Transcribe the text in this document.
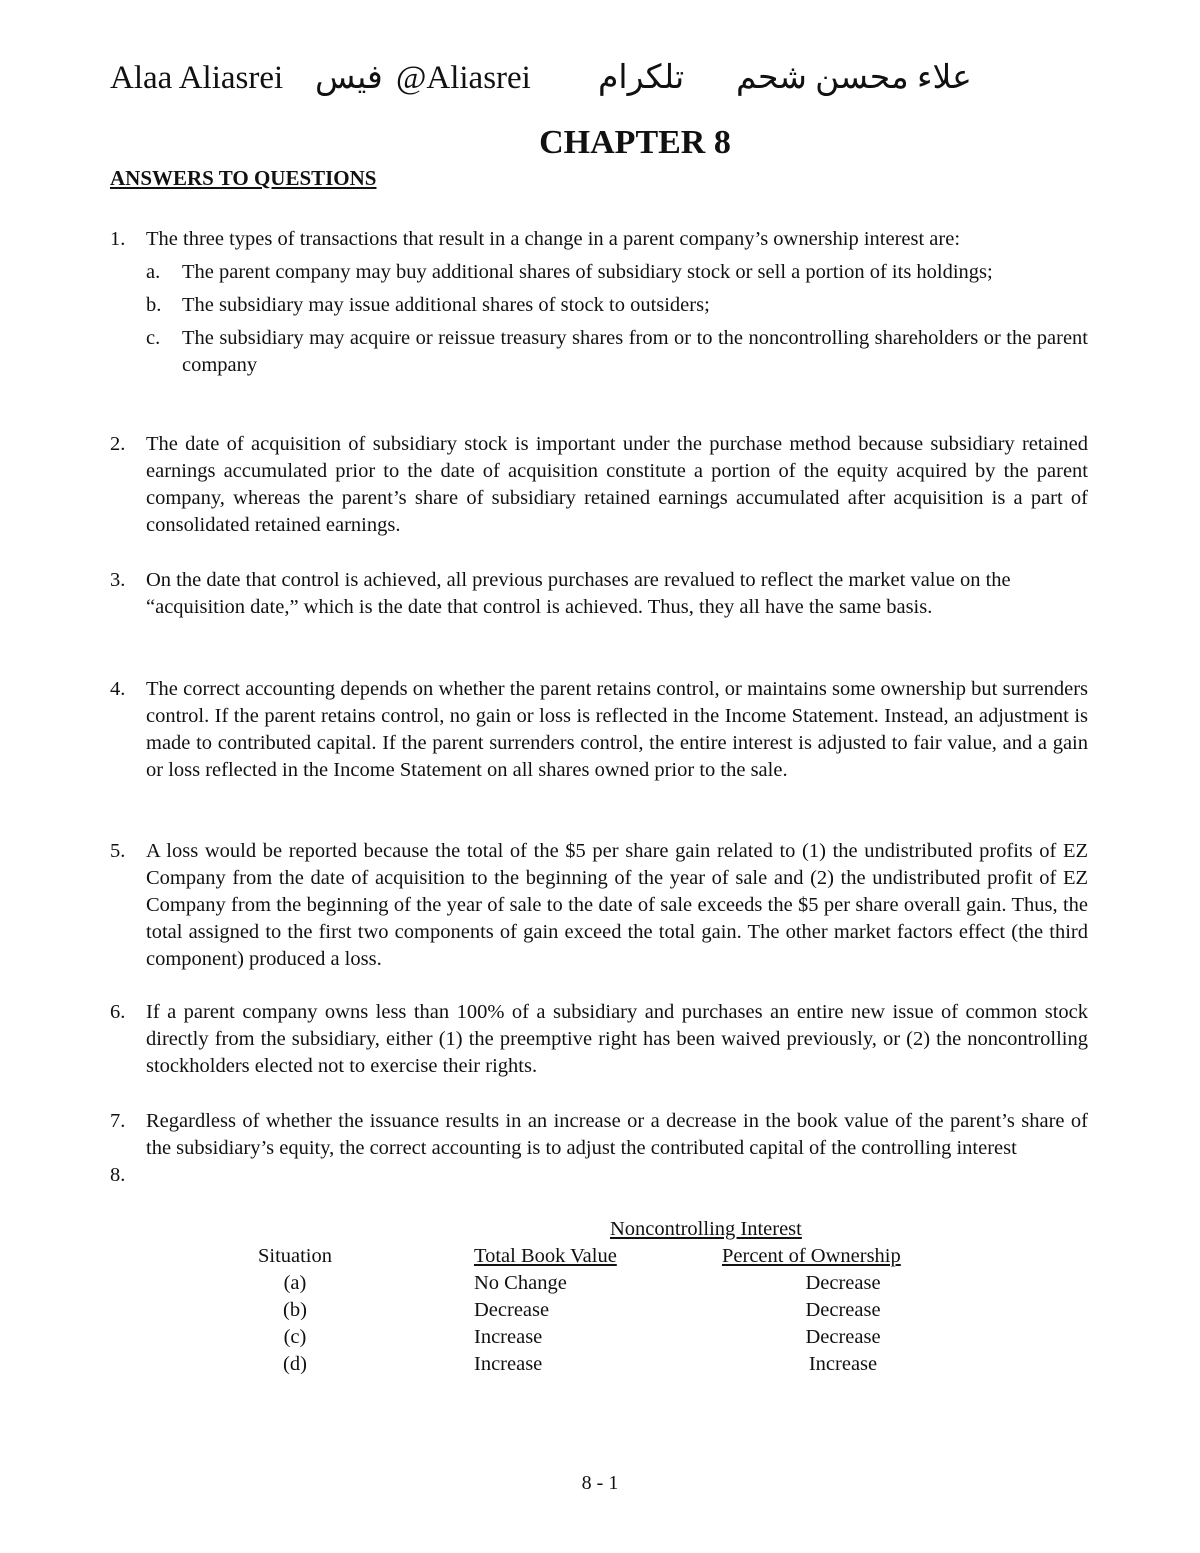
Alaa Aliasrei فيس @Aliasrei تلكرام علاء محسن شحم
CHAPTER 8
ANSWERS TO QUESTIONS
1. The three types of transactions that result in a change in a parent company’s ownership interest are:
a. The parent company may buy additional shares of subsidiary stock or sell a portion of its holdings;
b. The subsidiary may issue additional shares of stock to outsiders;
c. The subsidiary may acquire or reissue treasury shares from or to the noncontrolling shareholders or the parent company
2. The date of acquisition of subsidiary stock is important under the purchase method because subsidiary retained earnings accumulated prior to the date of acquisition constitute a portion of the equity acquired by the parent company, whereas the parent’s share of subsidiary retained earnings accumulated after acquisition is a part of consolidated retained earnings.
3. On the date that control is achieved, all previous purchases are revalued to reflect the market value on the “acquisition date,” which is the date that control is achieved. Thus, they all have the same basis.
4. The correct accounting depends on whether the parent retains control, or maintains some ownership but surrenders control. If the parent retains control, no gain or loss is reflected in the Income Statement. Instead, an adjustment is made to contributed capital. If the parent surrenders control, the entire interest is adjusted to fair value, and a gain or loss reflected in the Income Statement on all shares owned prior to the sale.
5. A loss would be reported because the total of the $5 per share gain related to (1) the undistributed profits of EZ Company from the date of acquisition to the beginning of the year of sale and (2) the undistributed profit of EZ Company from the beginning of the year of sale to the date of sale exceeds the $5 per share overall gain. Thus, the total assigned to the first two components of gain exceed the total gain. The other market factors effect (the third component) produced a loss.
6. If a parent company owns less than 100% of a subsidiary and purchases an entire new issue of common stock directly from the subsidiary, either (1) the preemptive right has been waived previously, or (2) the noncontrolling stockholders elected not to exercise their rights.
7. Regardless of whether the issuance results in an increase or a decrease in the book value of the parent’s share of the subsidiary’s equity, the correct accounting is to adjust the contributed capital of the controlling interest
8.
Noncontrolling Interest
Situation	Total Book Value	Percent of Ownership
(a)	No Change	Decrease
(b)	Decrease	Decrease
(c)	Increase	Decrease
(d)	Increase	Increase
8 - 1
